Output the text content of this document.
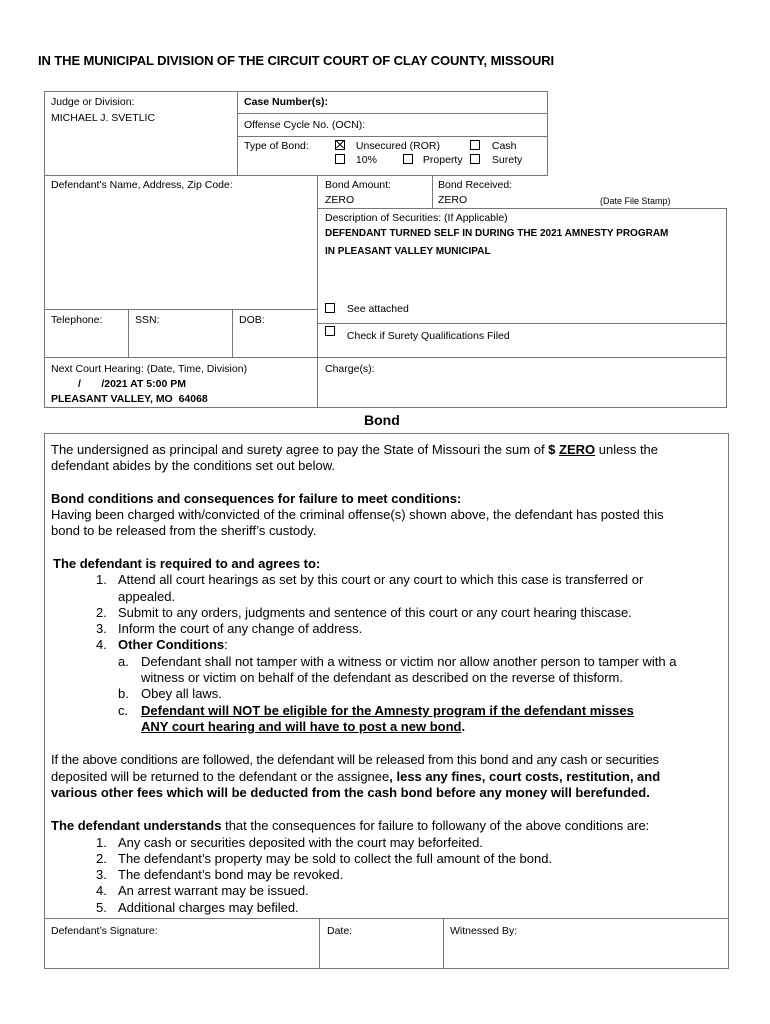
IN THE MUNICIPAL DIVISION OF THE CIRCUIT COURT OF CLAY COUNTY, MISSOURI
Judge or Division:
MICHAEL J. SVETLIC
Case Number(s):
Offense Cycle No. (OCN):
Type of Bond:	Unsecured (ROR)	Cash
10%	Property	Surety
Defendant's Name, Address, Zip Code:	Bond Amount:
ZERO
Bond Received:
ZERO	(Date File Stamp)
Description of Securities: (If Applicable)
DEFENDANT TURNED SELF IN DURING THE 2021 AMNESTY PROGRAM
IN PLEASANT VALLEY MUNICIPAL
See attached
Check if Surety Qualifications Filed
Telephone:	SSN:	DOB:
Next Court Hearing: (Date, Time, Division)
/       /2021 AT 5:00 PM
PLEASANT VALLEY, MO  64068
Charge(s):
Bond
The undersigned as principal and surety agree to pay the State of Missouri the sum of $ ZERO unless the
defendant abides by the conditions set out below.
Bond conditions and consequences for failure to meet conditions:
Having been charged with/convicted of the criminal offense(s) shown above, the defendant has posted this
bond to be released from the sheriff’s custody.
The defendant is required to and agrees to:
1. Attend all court hearings as set by this court or any court to which this case is transferred or
appealed.
2. Submit to any orders, judgments and sentence of this court or any court hearing thiscase.
3. Inform the court of any change of address.
4. Other Conditions:
a. Defendant shall not tamper with a witness or victim nor allow another person to tamper with a
witness or victim on behalf of the defendant as described on the reverse of thisform.
b. Obey all laws.
c. Defendant will NOT be eligible for the Amnesty program if the defendant misses
ANY court hearing and will have to post a new bond.
If the above conditions are followed, the defendant will be released from this bond and any cash or securities
deposited will be returned to the defendant or the assignee, less any fines, court costs, restitution, and
various other fees which will be deducted from the cash bond before any money will berefunded.
The defendant understands that the consequences for failure to followany of the above conditions are:
1. Any cash or securities deposited with the court may beforfeited.
2. The defendant’s property may be sold to collect the full amount of the bond.
3. The defendant’s bond may be revoked.
4. An arrest warrant may be issued.
5. Additional charges may befiled.
Defendant’s Signature:	Date:	Witnessed By:
